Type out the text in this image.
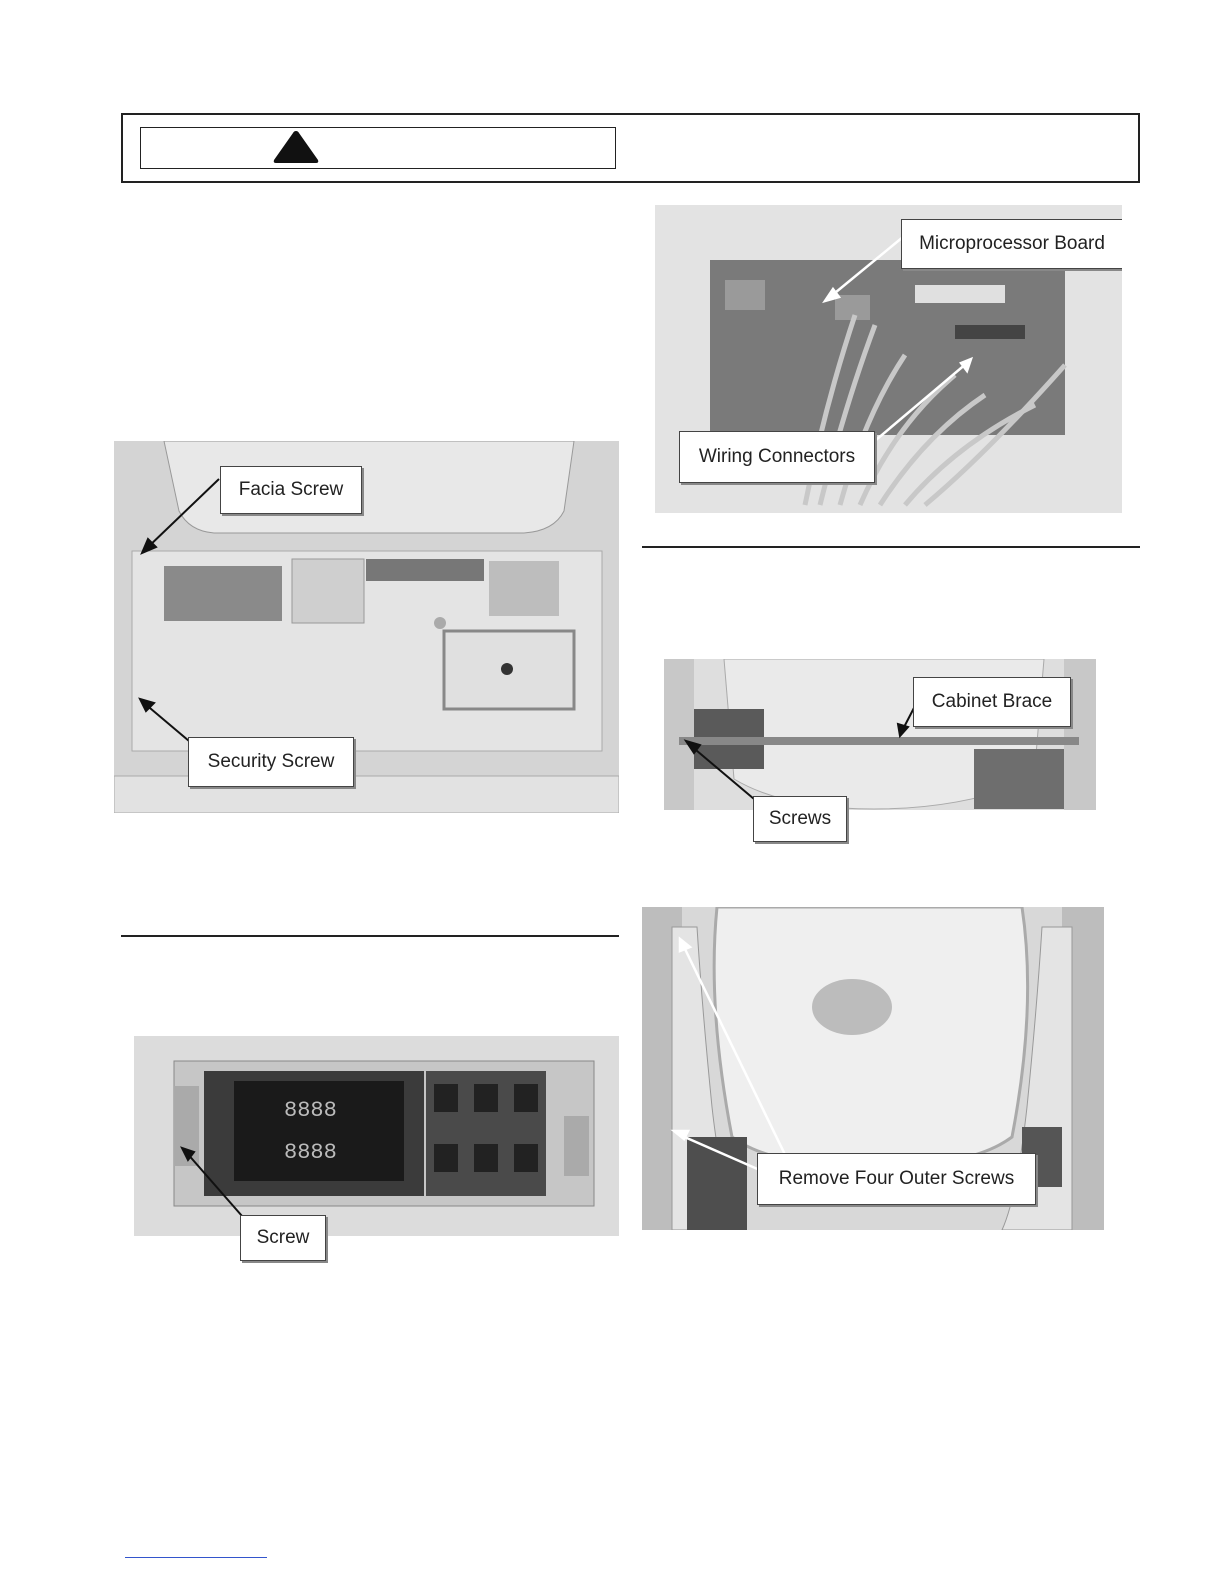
Facia Screw
Security Screw
Microprocessor Board
Wiring Connectors
Cabinet Brace
Screws
8888
8888
Screw
Remove Four Outer Screws
